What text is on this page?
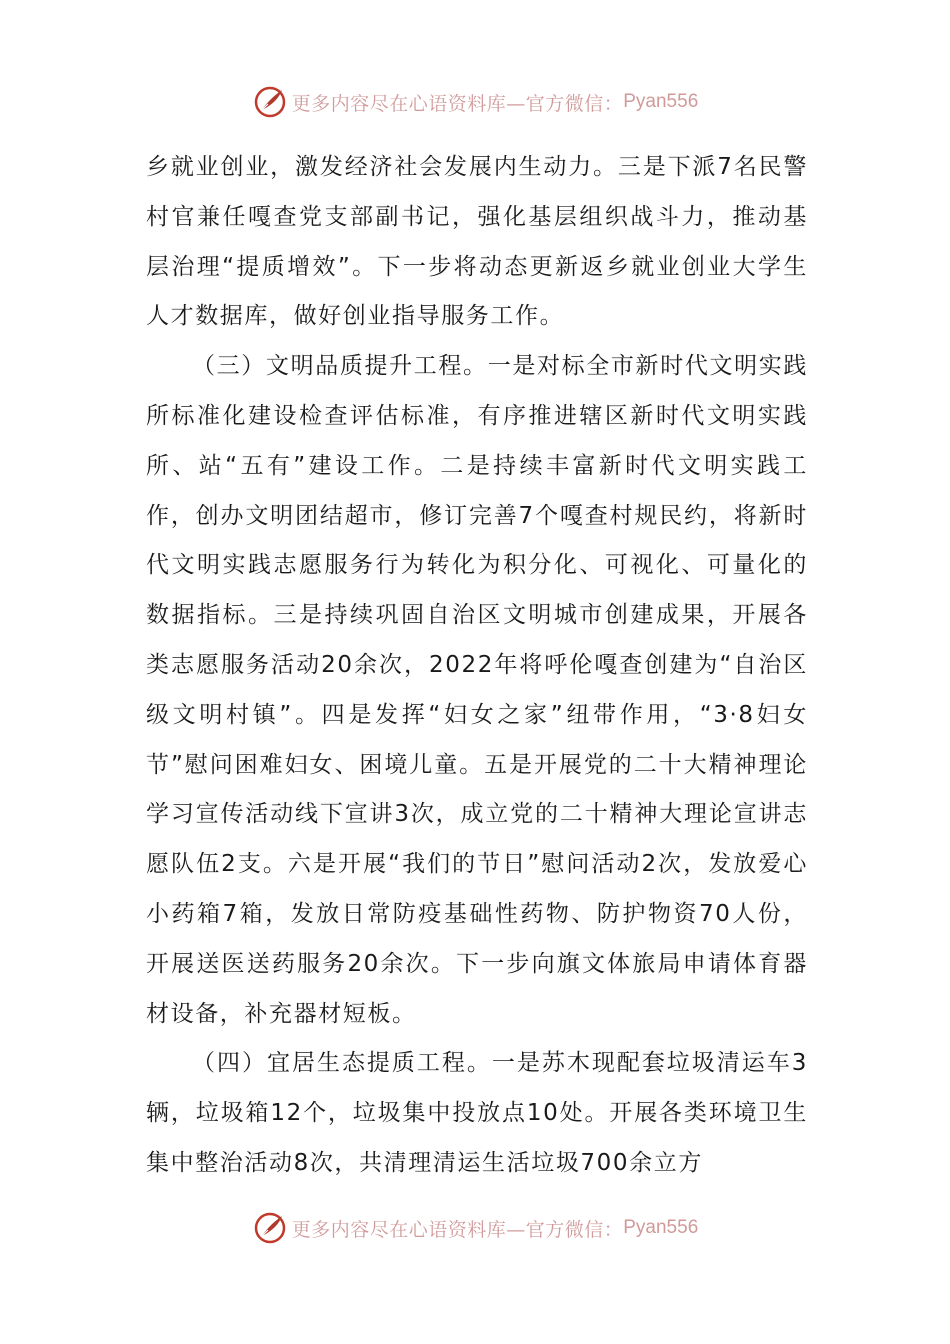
更多内容尽在心语资料库—官方微信： Pyan556

乡就业创业，激发经济社会发展内生动力。三是下派7名民警村官兼任嘎查党支部副书记，强化基层组织战斗力，推动基层治理“提质增效”。下一步将动态更新返乡就业创业大学生人才数据库，做好创业指导服务工作。

（三）文明品质提升工程。一是对标全市新时代文明实践所标准化建设检查评估标准，有序推进辖区新时代文明实践所、站“五有”建设工作。二是持续丰富新时代文明实践工作，创办文明团结超市，修订完善7个嘎查村规民约，将新时代文明实践志愿服务行为转化为积分化、可视化、可量化的数据指标。三是持续巩固自治区文明城市创建成果，开展各类志愿服务活动20余次，2022年将呼伦嘎查创建为“自治区级文明村镇”。四是发挥“妇女之家”纽带作用，“3·8妇女节”慰问困难妇女、困境儿童。五是开展党的二十大精神理论学习宣传活动线下宣讲3次，成立党的二十精神大理论宣讲志愿队伍2支。六是开展“我们的节日”慰问活动2次，发放爱心小药箱7箱，发放日常防疫基础性药物、防护物资70人份，开展送医送药服务20余次。下一步向旗文体旅局申请体育器材设备，补充器材短板。

（四）宜居生态提质工程。一是苏木现配套垃圾清运车3辆，垃圾箱12个，垃圾集中投放点10处。开展各类环境卫生集中整治活动8次，共清理清运生活垃圾700余立方

更多内容尽在心语资料库—官方微信： Pyan556
